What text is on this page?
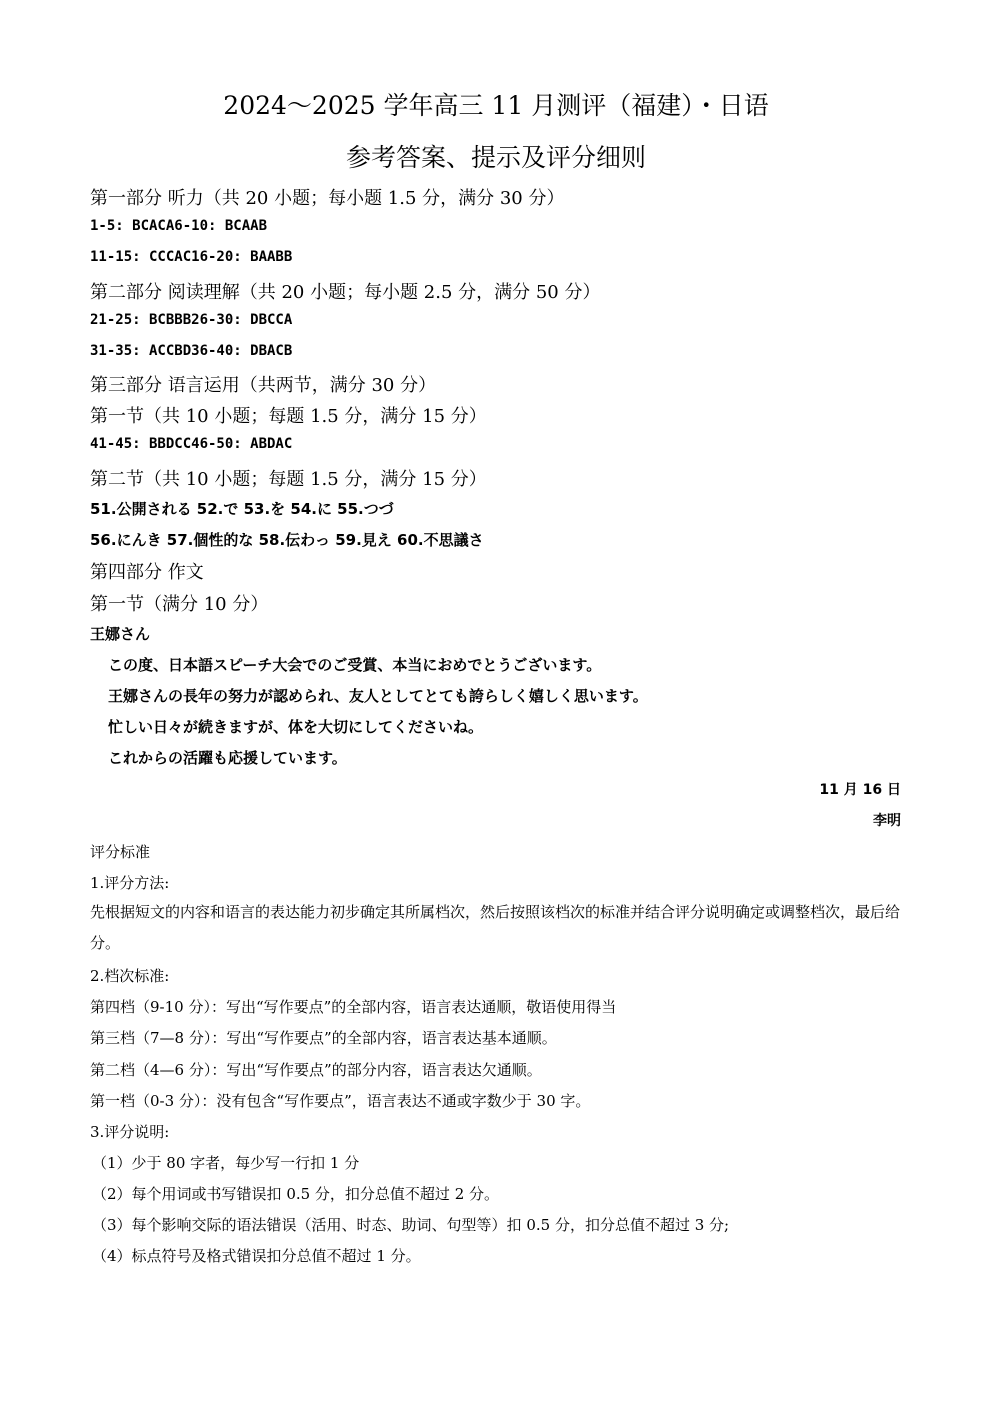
2024～2025 学年高三 11 月测评（福建）・日语
参考答案、提示及评分细则
第一部分 听力（共 20 小题；每小题 1.5 分，满分 30 分）
1-5: BCACA6-10: BCAAB
11-15: CCCAC16-20: BAABB
第二部分 阅读理解（共 20 小题；每小题 2.5 分，满分 50 分）
21-25: BCBBB26-30: DBCCA
31-35: ACCBD36-40: DBACB
第三部分 语言运用（共两节，满分 30 分）
第一节（共 10 小题；每题 1.5 分，满分 15 分）
41-45: BBDCC46-50: ABDAC
第二节（共 10 小题；每题 1.5 分，满分 15 分）
51.公開される 52.で 53.を 54.に 55.つづ
56.にんき 57.個性的な 58.伝わっ 59.見え 60.不思議さ
第四部分 作文
第一节（满分 10 分）
王娜さん
この度、日本語スピーチ大会でのご受賞、本当におめでとうございます。
王娜さんの長年の努力が認められ、友人としてとても誇らしく嬉しく思います。
忙しい日々が続きますが、体を大切にしてくださいね。
これからの活躍も応援しています。
11 月 16 日
李明
评分标准
1.评分方法:
先根据短文的内容和语言的表达能力初步确定其所属档次，然后按照该档次的标准并结合评分说明确定或调整档次，最后给分。
2.档次标准:
第四档（9-10 分）：写出“写作要点”的全部内容，语言表达通顺，敬语使用得当
第三档（7—8 分）：写出“写作要点”的全部内容，语言表达基本通顺。
第二档（4—6 分）：写出“写作要点”的部分内容，语言表达欠通顺。
第一档（0-3 分）：没有包含“写作要点”，语言表达不通或字数少于 30 字。
3.评分说明:
（1）少于 80 字者，每少写一行扣 1 分
（2）每个用词或书写错误扣 0.5 分，扣分总值不超过 2 分。
（3）每个影响交际的语法错误（活用、时态、助词、句型等）扣 0.5 分，扣分总值不超过 3 分;
（4）标点符号及格式错误扣分总值不超过 1 分。
